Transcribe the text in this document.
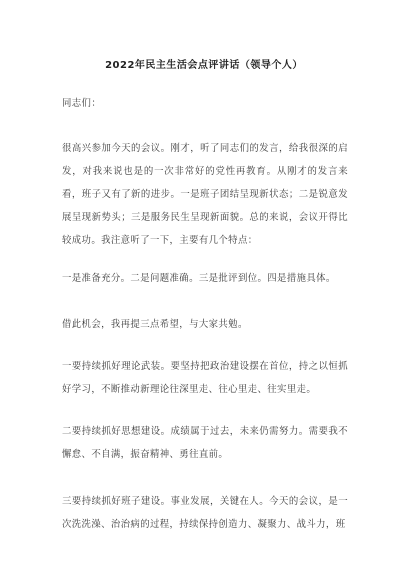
2022年民主生活会点评讲话（领导个人）

同志们：

很高兴参加今天的会议。刚才，听了同志们的发言，给我很深的启发，对我来说也是的一次非常好的党性再教育。从刚才的发言来看，班子又有了新的进步。一是班子团结呈现新状态；二是锐意发展呈现新势头；三是服务民生呈现新面貌。总的来说，会议开得比较成功。我注意听了一下，主要有几个特点：

一是准备充分。二是问题准确。三是批评到位。四是措施具体。

借此机会，我再提三点希望，与大家共勉。

一要持续抓好理论武装。要坚持把政治建设摆在首位，持之以恒抓好学习，不断推动新理论往深里走、往心里走、往实里走。

二要持续抓好思想建设。成绩属于过去，未来仍需努力。需要我不懈怠、不自满，振奋精神、勇往直前。

三要持续抓好班子建设。事业发展，关键在人。今天的会议，是一次洗洗澡、治治病的过程，持续保持创造力、凝聚力、战斗力，班
